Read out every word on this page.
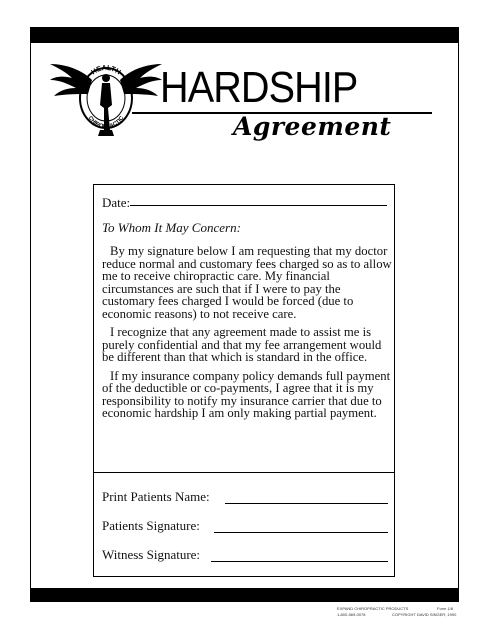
HEALTH
CHIROPRACTIC
HARDSHIP
Agreement
Date:
To Whom It May Concern:

By my signature below I am requesting that my doctor reduce normal and customary fees charged so as to allow me to receive chiropractic care. My financial circumstances are such that if I were to pay the customary fees charged I would be forced (due to economic reasons) to not receive care.

I recognize that any agreement made to assist me is purely confidential and that my fee arrangement would be different than that which is standard in the office.

If my insurance company policy demands full payment of the deductible or co-payments, I agree that it is my responsibility to notify my insurance carrier that due to economic hardship I am only making partial payment.

Print Patients Name:
Patients Signature:
Witness Signature:
EXPAND CHIROPRACTIC PRODUCTS
1-800-569-0078
Form 1/8
COPYRIGHT DAVID SINGER, 1990
